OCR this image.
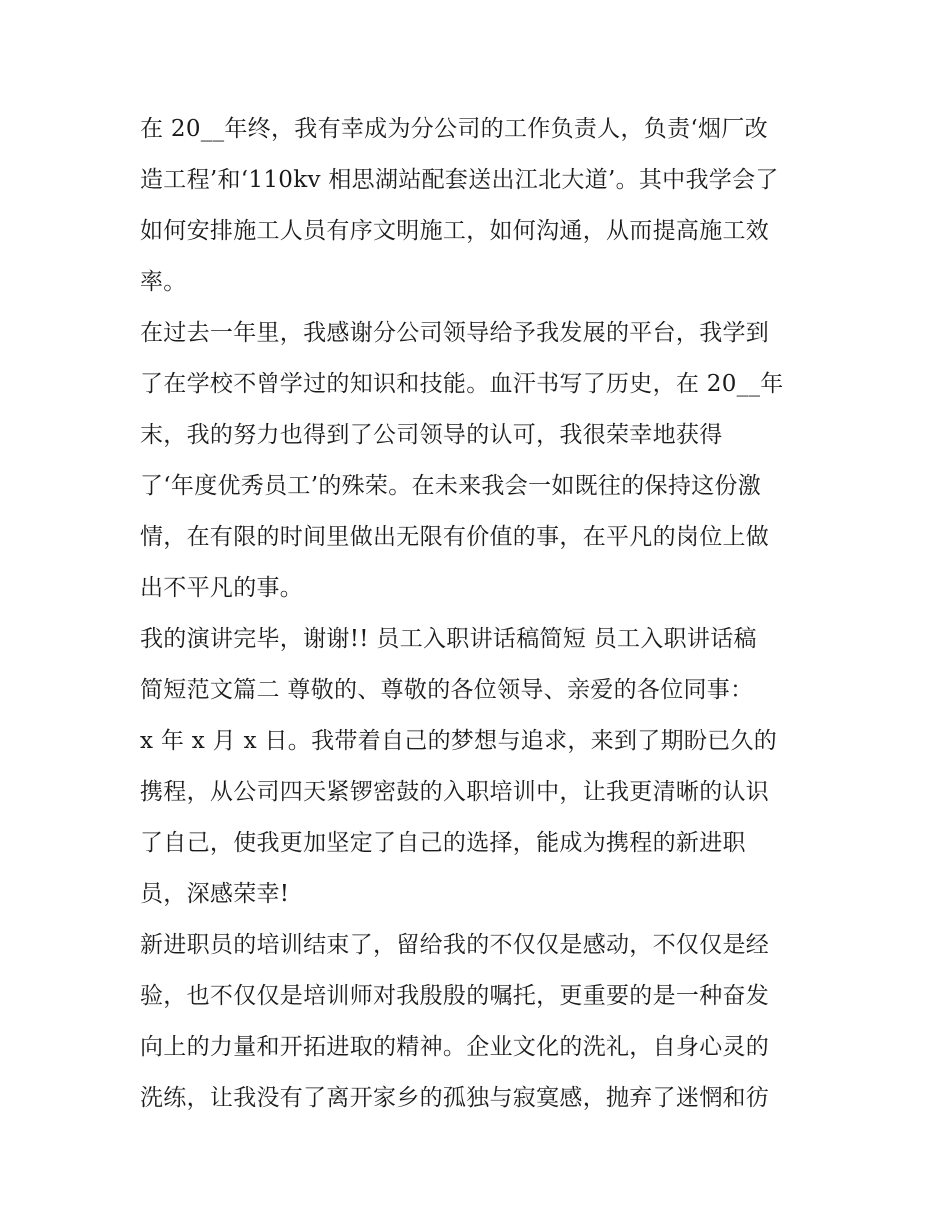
在 20__年终，我有幸成为分公司的工作负责人，负责‘烟厂改
造工程’和‘110kv 相思湖站配套送出江北大道’。其中我学会了
如何安排施工人员有序文明施工，如何沟通，从而提高施工效
率。
在过去一年里，我感谢分公司领导给予我发展的平台，我学到
了在学校不曾学过的知识和技能。血汗书写了历史，在 20__年
末，我的努力也得到了公司领导的认可，我很荣幸地获得
了‘年度优秀员工’的殊荣。在未来我会一如既往的保持这份激
情，在有限的时间里做出无限有价值的事，在平凡的岗位上做
出不平凡的事。
我的演讲完毕，谢谢!! 员工入职讲话稿简短 员工入职讲话稿
简短范文篇二 尊敬的、尊敬的各位领导、亲爱的各位同事：
x 年 x 月 x 日。我带着自己的梦想与追求，来到了期盼已久的
携程，从公司四天紧锣密鼓的入职培训中，让我更清晰的认识
了自己，使我更加坚定了自己的选择，能成为携程的新进职
员，深感荣幸!
新进职员的培训结束了，留给我的不仅仅是感动，不仅仅是经
验，也不仅仅是培训师对我殷殷的嘱托，更重要的是一种奋发
向上的力量和开拓进取的精神。企业文化的洗礼，自身心灵的
洗练，让我没有了离开家乡的孤独与寂寞感，抛弃了迷惘和彷
